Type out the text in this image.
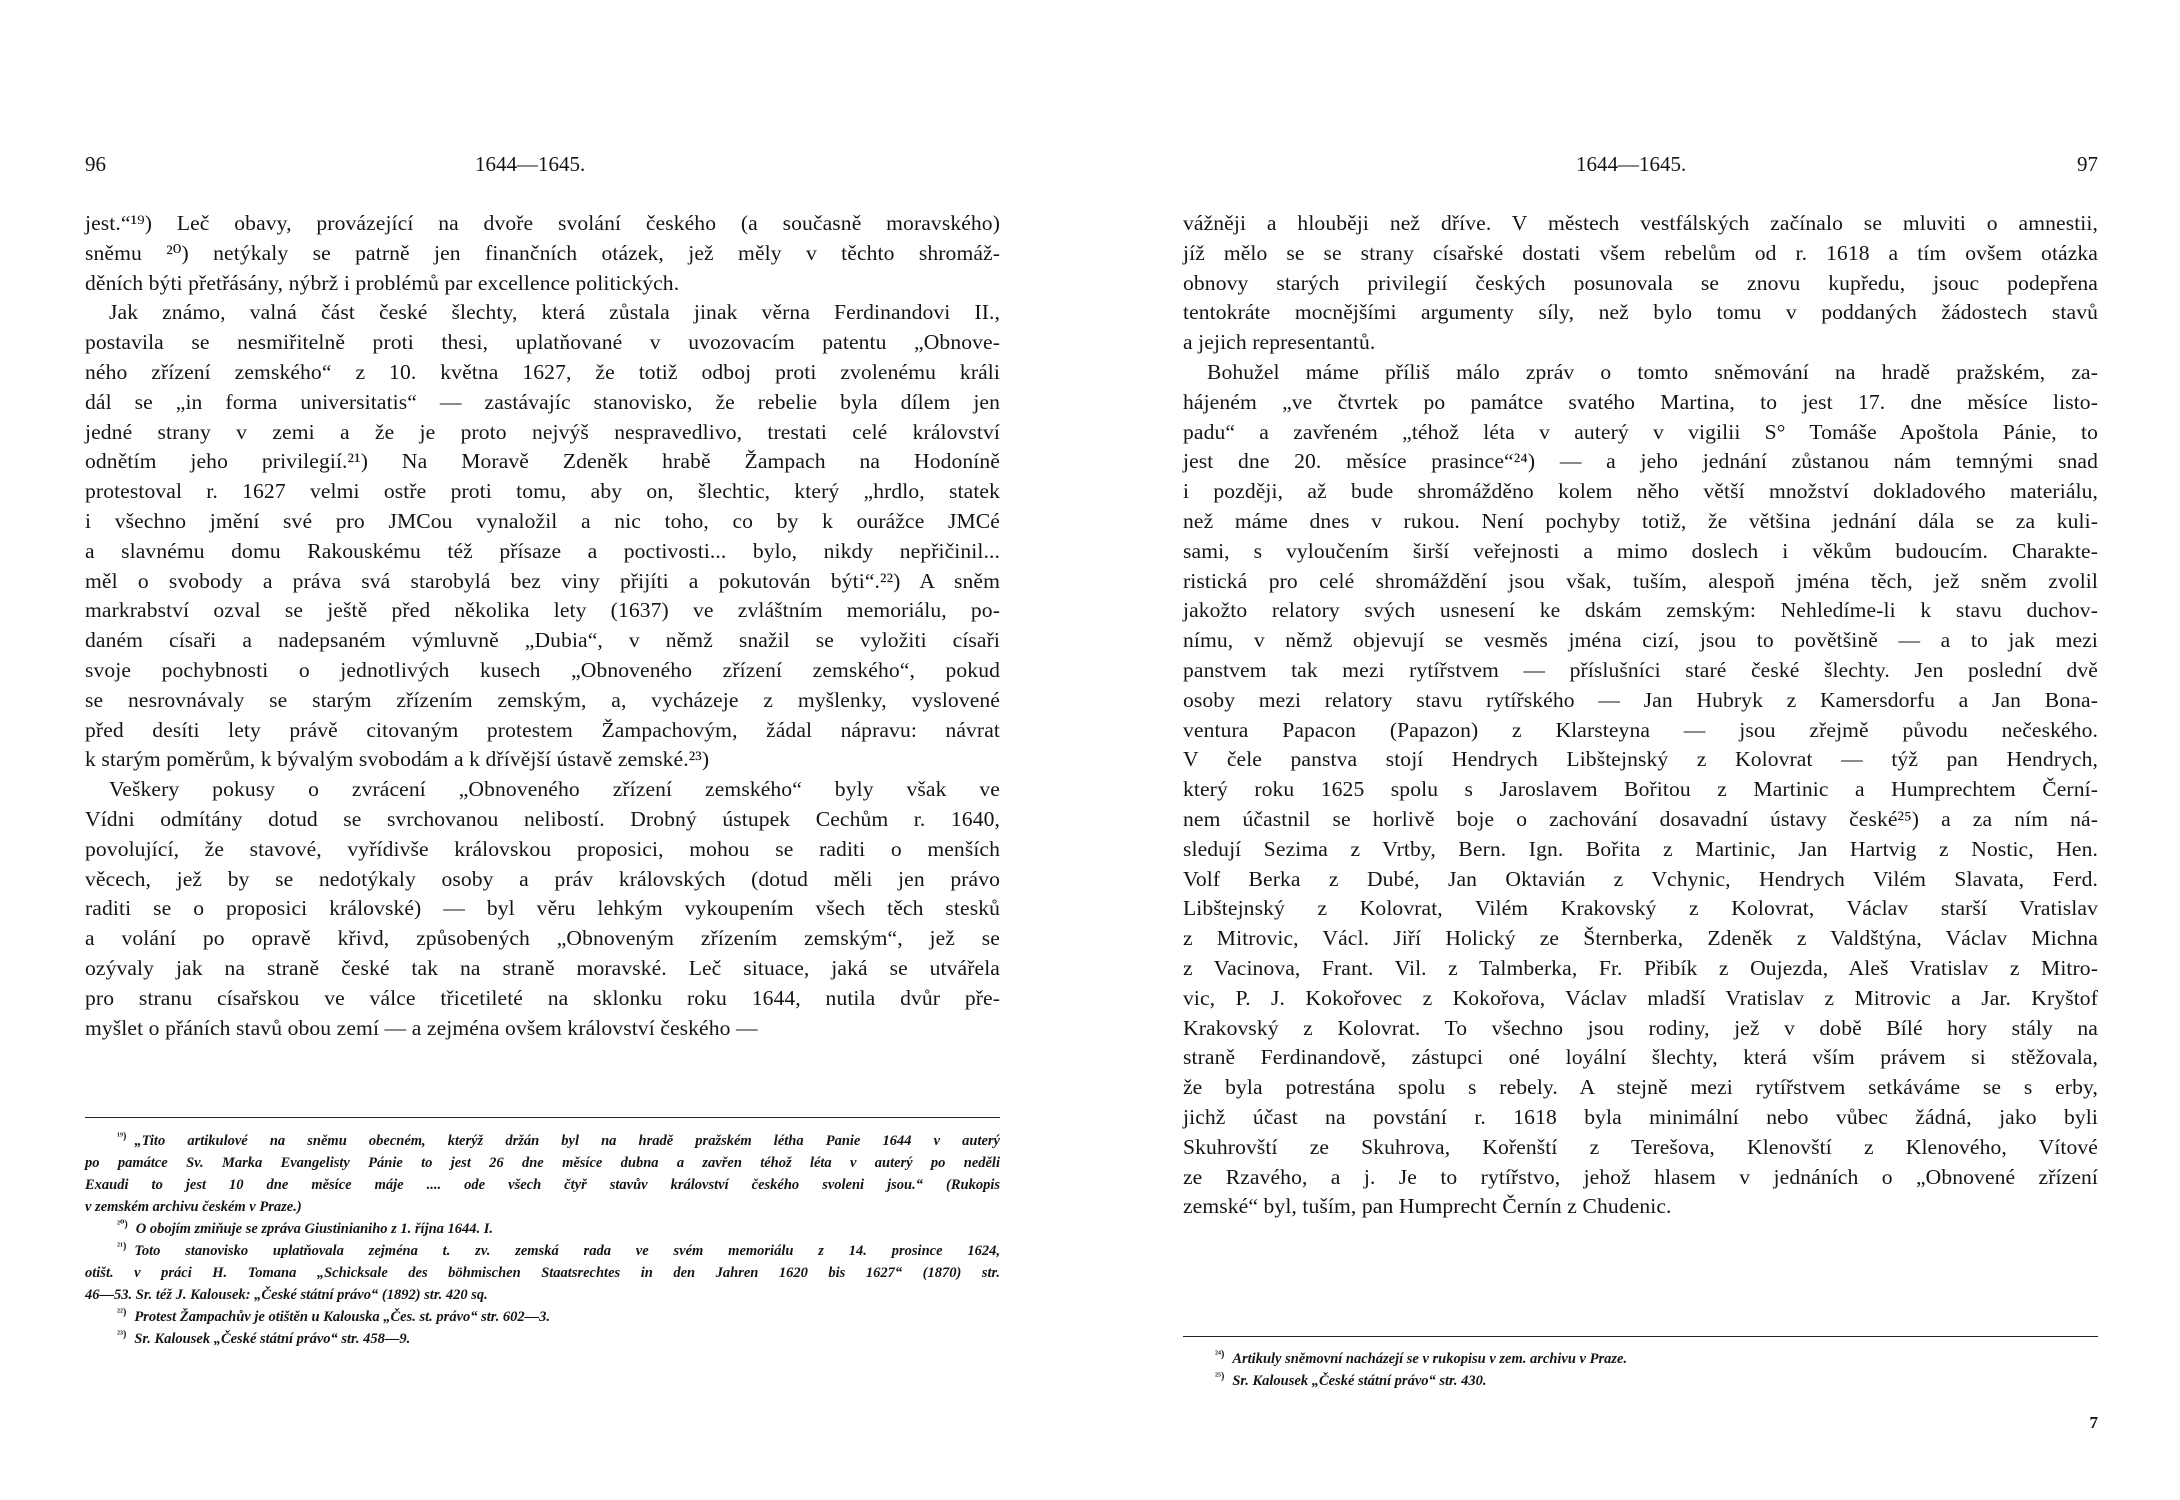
96	1644—1645.
jest.“¹⁹) Leč obavy, provázející na dvoře svolání českého (a současně moravského)
sněmu ²⁰) netýkaly se patrně jen finančních otázek, jež měly v těchto shromáž-
děních býti přetřásány, nýbrž i problémů par excellence politických.
Jak známo, valná část české šlechty, která zůstala jinak věrna Ferdinandovi II.,
postavila se nesmiřitelně proti thesi, uplatňované v uvozovacím patentu „Obnove-
ného zřízení zemského“ z 10. května 1627, že totiž odboj proti zvolenému králi
dál se „in forma universitatis“ — zastávajíc stanovisko, že rebelie byla dílem jen
jedné strany v zemi a že je proto nejvýš nespravedlivo, trestati celé království
odnětím jeho privilegií.²¹) Na Moravě Zdeněk hrabě Žampach na Hodoníně
protestoval r. 1627 velmi ostře proti tomu, aby on, šlechtic, který „hrdlo, statek
i všechno jmění své pro JMCou vynaložil a nic toho, co by k ourážce JMCé
a slavnému domu Rakouskému též přísaze a poctivosti... bylo, nikdy nepřičinil...
měl o svobody a práva svá starobylá bez viny přijíti a pokutován býti“.²²) A sněm
markrabství ozval se ještě před několika lety (1637) ve zvláštním memoriálu, po-
daném císaři a nadepsaném výmluvně „Dubia“, v němž snažil se vyložiti císaři
svoje pochybnosti o jednotlivých kusech „Obnoveného zřízení zemského“, pokud
se nesrovnávaly se starým zřízením zemským, a, vycházeje z myšlenky, vyslovené
před desíti lety právě citovaným protestem Žampachovým, žádal nápravu: návrat
k starým poměrům, k bývalým svobodám a k dřívější ústavě zemské.²³)
Veškery pokusy o zvrácení „Obnoveného zřízení zemského“ byly však ve
Vídni odmítány dotud se svrchovanou nelibostí. Drobný ústupek Cechům r. 1640,
povolující, že stavové, vyřídivše královskou proposici, mohou se raditi o menších
věcech, jež by se nedotýkaly osoby a práv královských (dotud měli jen právo
raditi se o proposici královské) — byl věru lehkým vykoupením všech těch stesků
a volání po opravě křivd, způsobených „Obnoveným zřízením zemským“, jež se
ozývaly jak na straně české tak na straně moravské. Leč situace, jaká se utvářela
pro stranu císařskou ve válce třicetileté na sklonku roku 1644, nutila dvůr pře-
myšlet o přáních stavů obou zemí — a zejména ovšem království českého —
$^{^{19})}$ „Tito artikulové na sněmu obecném, kterýž držán byl na hradě pražském létha Panie 1644 v auterý
po památce Sv. Marka Evangelisty Pánie to jest 26 dne měsíce dubna a zavřen téhož léta v auterý po neděli
Exaudi to jest 10 dne měsíce máje .... ode všech čtyř stavův království českého svoleni jsou.“ (Rukopis
v zemském archivu českém v Praze.)
$^{^{20})}$ O obojím zmiňuje se zpráva Giustinianiho z 1. října 1644. I.
$^{^{21})}$ Toto stanovisko uplatňovala zejména t. zv. zemská rada ve svém memoriálu z 14. prosince 1624,
otišt. v práci H. Tomana „Schicksale des böhmischen Staatsrechtes in den Jahren 1620 bis 1627“ (1870) str.
46—53. Sr. též J. Kalousek: „České státní právo“ (1892) str. 420 sq.
$^{^{22})}$ Protest Žampachův je otištěn u Kalouska „Čes. st. právo“ str. 602—3.
$^{^{23})}$ Sr. Kalousek „České státní právo“ str. 458—9.
1644—1645.	97
vážněji a hlouběji než dříve. V městech vestfálských začínalo se mluviti o amnestii,
jíž mělo se se strany císařské dostati všem rebelům od r. 1618 a tím ovšem otázka
obnovy starých privilegií českých posunovala se znovu kupředu, jsouc podepřena
tentokráte mocnějšími argumenty síly, než bylo tomu v poddaných žádostech stavů
a jejich representantů.
Bohužel máme příliš málo zpráv o tomto sněmování na hradě pražském, za-
hájeném „ve čtvrtek po památce svatého Martina, to jest 17. dne měsíce listo-
padu“ a zavřeném „téhož léta v auterý v vigilii S° Tomáše Apoštola Pánie, to
jest dne 20. měsíce prasince“²⁴) — a jeho jednání zůstanou nám temnými snad
i později, až bude shromážděno kolem něho větší množství dokladového materiálu,
než máme dnes v rukou. Není pochyby totiž, že většina jednání dála se za kuli-
sami, s vyloučením širší veřejnosti a mimo doslech i věkům budoucím. Charakte-
ristická pro celé shromáždění jsou však, tuším, alespoň jména těch, jež sněm zvolil
jakožto relatory svých usnesení ke dskám zemským: Nehledíme-li k stavu duchov-
nímu, v němž objevují se vesměs jména cizí, jsou to povětšině — a to jak mezi
panstvem tak mezi rytířstvem — příslušníci staré české šlechty. Jen poslední dvě
osoby mezi relatory stavu rytířského — Jan Hubryk z Kamersdorfu a Jan Bona-
ventura Papacon (Papazon) z Klarsteyna — jsou zřejmě původu nečeského.
V čele panstva stojí Hendrych Libštejnský z Kolovrat — týž pan Hendrych,
který roku 1625 spolu s Jaroslavem Bořitou z Martinic a Humprechtem Černí-
nem účastnil se horlivě boje o zachování dosavadní ústavy české²⁵) a za ním ná-
sledují Sezima z Vrtby, Bern. Ign. Bořita z Martinic, Jan Hartvig z Nostic, Hen.
Volf Berka z Dubé, Jan Oktavián z Vchynic, Hendrych Vilém Slavata, Ferd.
Libštejnský z Kolovrat, Vilém Krakovský z Kolovrat, Václav starší Vratislav
z Mitrovic, Václ. Jiří Holický ze Šternberka, Zdeněk z Valdštýna, Václav Michna
z Vacinova, Frant. Vil. z Talmberka, Fr. Přibík z Oujezda, Aleš Vratislav z Mitro-
vic, P. J. Kokořovec z Kokořova, Václav mladší Vratislav z Mitrovic a Jar. Kryštof
Krakovský z Kolovrat. To všechno jsou rodiny, jež v době Bílé hory stály na
straně Ferdinandově, zástupci oné loyální šlechty, která vším právem si stěžovala,
že byla potrestána spolu s rebely. A stejně mezi rytířstvem setkáváme se s erby,
jichž účast na povstání r. 1618 byla minimální nebo vůbec žádná, jako byli
Skuhrovští ze Skuhrova, Kořenští z Terešova, Klenovští z Klenového, Vítové
ze Rzavého, a j. Je to rytířstvo, jehož hlasem v jednáních o „Obnovené zřízení
zemské“ byl, tuším, pan Humprecht Černín z Chudenic.
$^{^{24})}$ Artikuly sněmovní nacházejí se v rukopisu v zem. archivu v Praze.
$^{^{25})}$ Sr. Kalousek „České státní právo“ str. 430.
7
